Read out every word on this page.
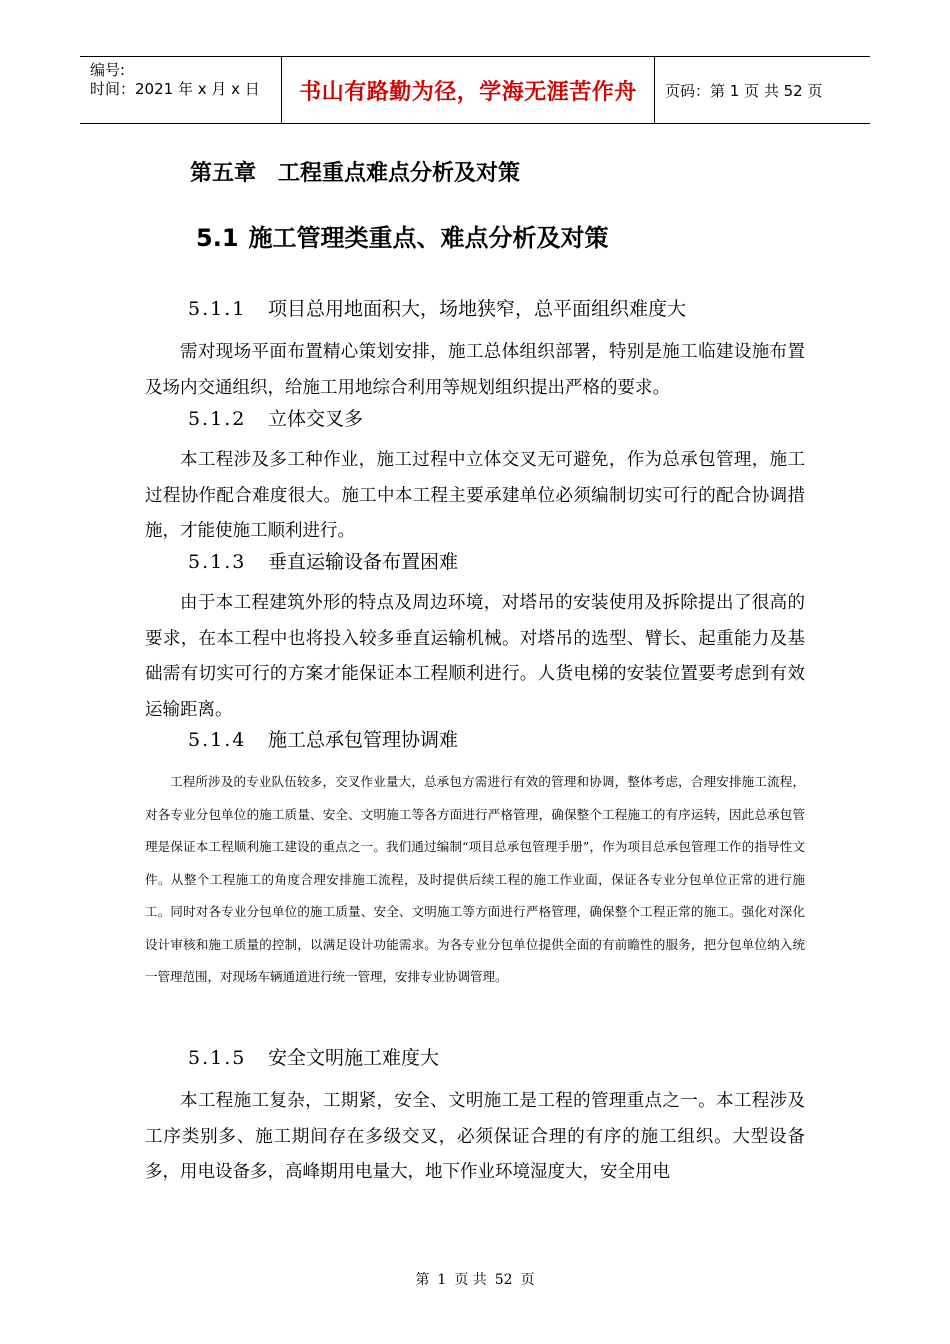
编号:
时间：2021 年 x 月 x 日	书山有路勤为径，学海无涯苦作舟	页码：第 1 页 共 52 页
第五章 工程重点难点分析及对策
5.1 施工管理类重点、难点分析及对策
5.1.1 项目总用地面积大，场地狭窄，总平面组织难度大
需对现场平面布置精心策划安排，施工总体组织部署，特别是施工临建设施布置及场内交通组织，给施工用地综合利用等规划组织提出严格的要求。
5.1.2 立体交叉多
本工程涉及多工种作业，施工过程中立体交叉无可避免，作为总承包管理，施工过程协作配合难度很大。施工中本工程主要承建单位必须编制切实可行的配合协调措施，才能使施工顺利进行。
5.1.3 垂直运输设备布置困难
由于本工程建筑外形的特点及周边环境，对塔吊的安装使用及拆除提出了很高的要求，在本工程中也将投入较多垂直运输机械。对塔吊的选型、臂长、起重能力及基础需有切实可行的方案才能保证本工程顺利进行。人货电梯的安装位置要考虑到有效运输距离。
5.1.4 施工总承包管理协调难
工程所涉及的专业队伍较多，交叉作业量大，总承包方需进行有效的管理和协调，整体考虑，合理安排施工流程，对各专业分包单位的施工质量、安全、文明施工等各方面进行严格管理，确保整个工程施工的有序运转，因此总承包管理是保证本工程顺利施工建设的重点之一。我们通过编制“项目总承包管理手册”，作为项目总承包管理工作的指导性文件。从整个工程施工的角度合理安排施工流程，及时提供后续工程的施工作业面，保证各专业分包单位正常的进行施工。同时对各专业分包单位的施工质量、安全、文明施工等方面进行严格管理，确保整个工程正常的施工。强化对深化设计审核和施工质量的控制，以满足设计功能需求。为各专业分包单位提供全面的有前瞻性的服务，把分包单位纳入统一管理范围，对现场车辆通道进行统一管理，安排专业协调管理。
5.1.5 安全文明施工难度大
本工程施工复杂，工期紧，安全、文明施工是工程的管理重点之一。本工程涉及工序类别多、施工期间存在多级交叉，必须保证合理的有序的施工组织。大型设备多，用电设备多，高峰期用电量大，地下作业环境湿度大，安全用电
第 1 页 共 52 页
